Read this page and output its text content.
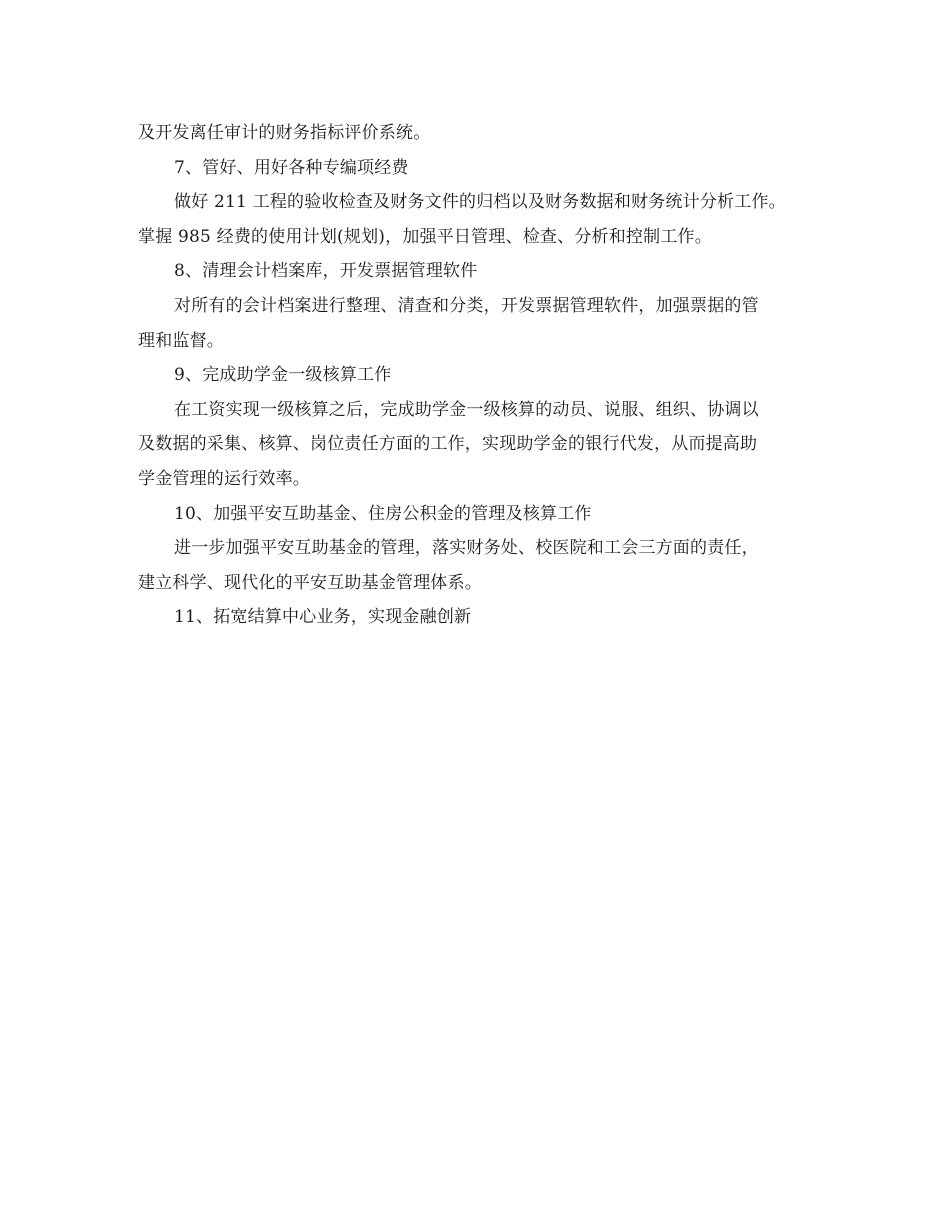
及开发离任审计的财务指标评价系统。
7、管好、用好各种专编项经费
做好 211 工程的验收检查及财务文件的归档以及财务数据和财务统计分析工作。
掌握 985 经费的使用计划(规划)，加强平日管理、检查、分析和控制工作。
8、清理会计档案库，开发票据管理软件
对所有的会计档案进行整理、清查和分类，开发票据管理软件，加强票据的管
理和监督。
9、完成助学金一级核算工作
在工资实现一级核算之后，完成助学金一级核算的动员、说服、组织、协调以
及数据的采集、核算、岗位责任方面的工作，实现助学金的银行代发，从而提高助
学金管理的运行效率。
10、加强平安互助基金、住房公积金的管理及核算工作
进一步加强平安互助基金的管理，落实财务处、校医院和工会三方面的责任，
建立科学、现代化的平安互助基金管理体系。
11、拓宽结算中心业务，实现金融创新
